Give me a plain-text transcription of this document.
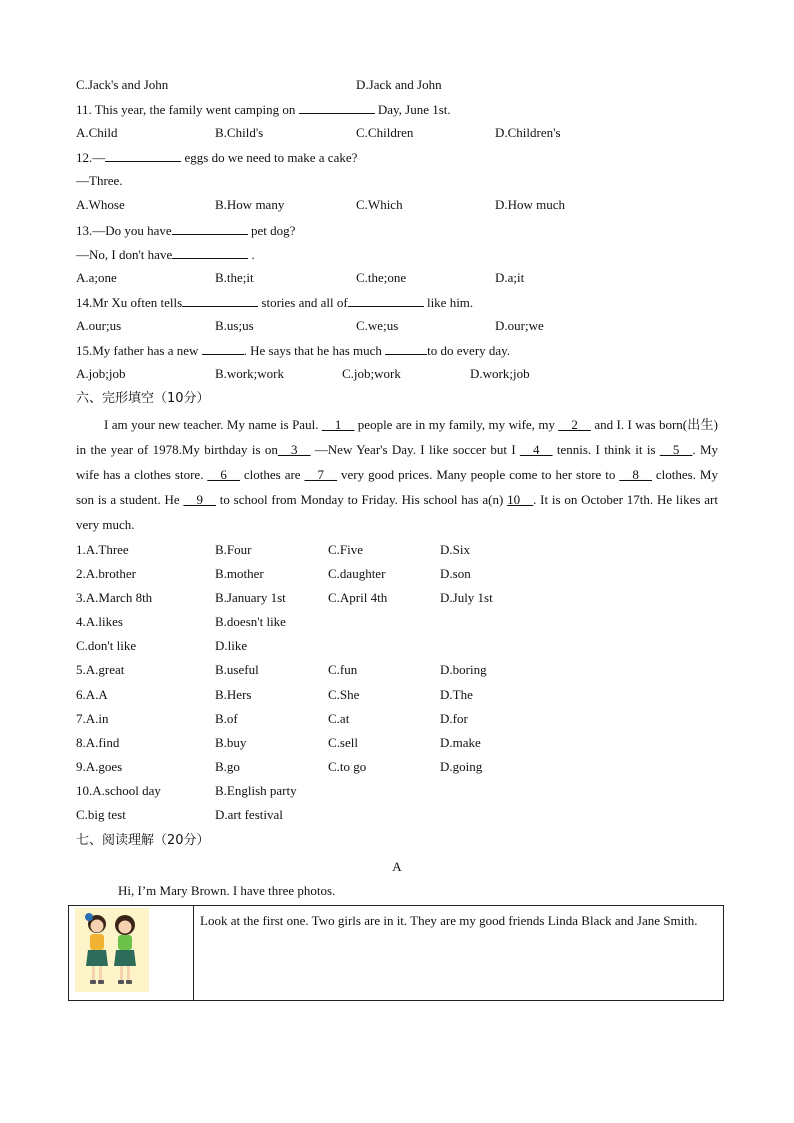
C.Jack's and John	D.Jack and John
11. This year, the family went camping on	Day, June 1st.
A.Child	B.Child's	C.Children	D.Children's
12.—	eggs do we need to make a cake?
—Three.
A.Whose	B.How many	C.Which	D.How much
13.—Do you have	pet dog?
—No, I don't have	.
A.a;one	B.the;it	C.the;one	D.a;it
14.Mr Xu often tells	stories and all of	like him.
A.our;us	B.us;us	C.we;us	D.our;we
15.My father has a new	. He says that he has much	to do every day.
A.job;job	B.work;work	C.job;work	D.work;job
六、完形填空（10分）

I am your new teacher. My name is Paul. __1__ people are in my family, my wife, my __2__ and I. I was born(出生) in the year of 1978.My birthday is on__3__ —New Year's Day. I like soccer but I __4__ tennis. I think it is __5__. My wife has a clothes store. __6__ clothes are __7__ very good prices. Many people come to her store to __8__ clothes. My son is a student. He __9__ to school from Monday to Friday. His school has a(n) 10__. It is on October 17th. He likes art very much.

1.A.Three	B.Four	C.Five	D.Six
2.A.brother	B.mother	C.daughter	D.son
3.A.March 8th	B.January 1st	C.April 4th	D.July 1st
4.A.likes	B.doesn't like
C.don't like	D.like
5.A.great	B.useful	C.fun	D.boring
6.A.A	B.Hers	C.She	D.The
7.A.in	B.of	C.at	D.for
8.A.find	B.buy	C.sell	D.make
9.A.goes	B.go	C.to go	D.going
10.A.school day	B.English party
C.big test	D.art festival
七、阅读理解（20分）
A
Hi, I’m Mary Brown. I have three photos.

Look at the first one. Two girls are in it. They are my good friends Linda Black and Jane Smith.
